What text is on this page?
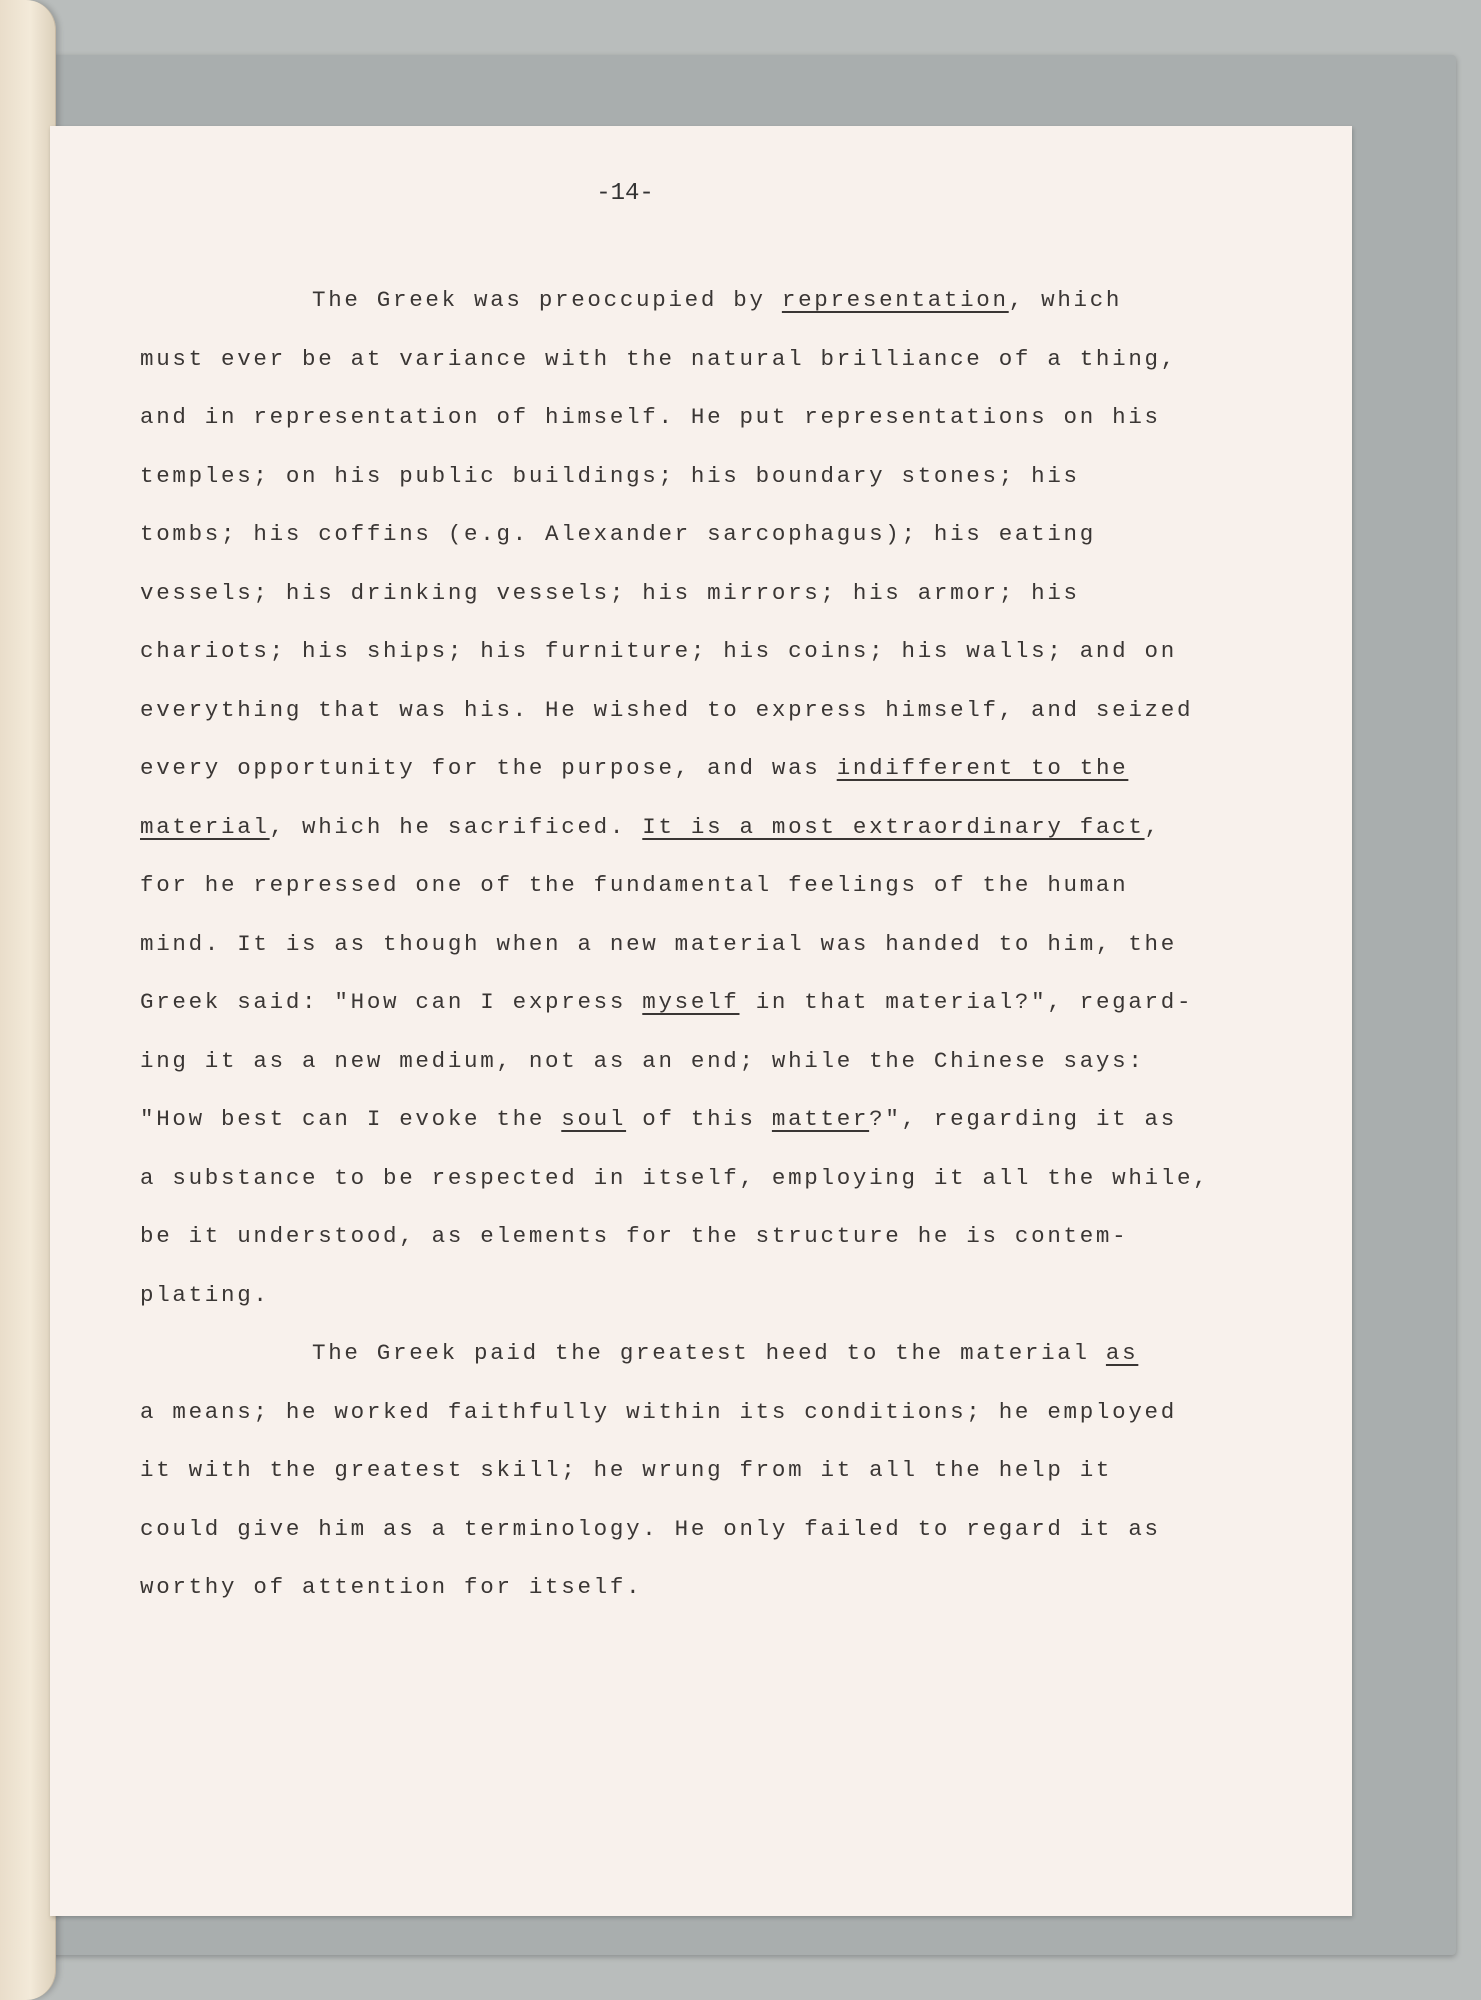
-14-
The Greek was preoccupied by representation, which
must ever be at variance with the natural brilliance of a thing,
and in representation of himself. He put representations on his
temples; on his public buildings; his boundary stones; his
tombs; his coffins (e.g. Alexander sarcophagus); his eating
vessels; his drinking vessels; his mirrors; his armor; his
chariots; his ships; his furniture; his coins; his walls; and on
everything that was his. He wished to express himself, and seized
every opportunity for the purpose, and was indifferent to the
material, which he sacrificed. It is a most extraordinary fact,
for he repressed one of the fundamental feelings of the human
mind. It is as though when a new material was handed to him, the
Greek said: "How can I express myself in that material?", regard-
ing it as a new medium, not as an end; while the Chinese says:
"How best can I evoke the soul of this matter?", regarding it as
a substance to be respected in itself, employing it all the while,
be it understood, as elements for the structure he is contem-
plating.
The Greek paid the greatest heed to the material as
a means; he worked faithfully within its conditions; he employed
it with the greatest skill; he wrung from it all the help it
could give him as a terminology. He only failed to regard it as
worthy of attention for itself.
